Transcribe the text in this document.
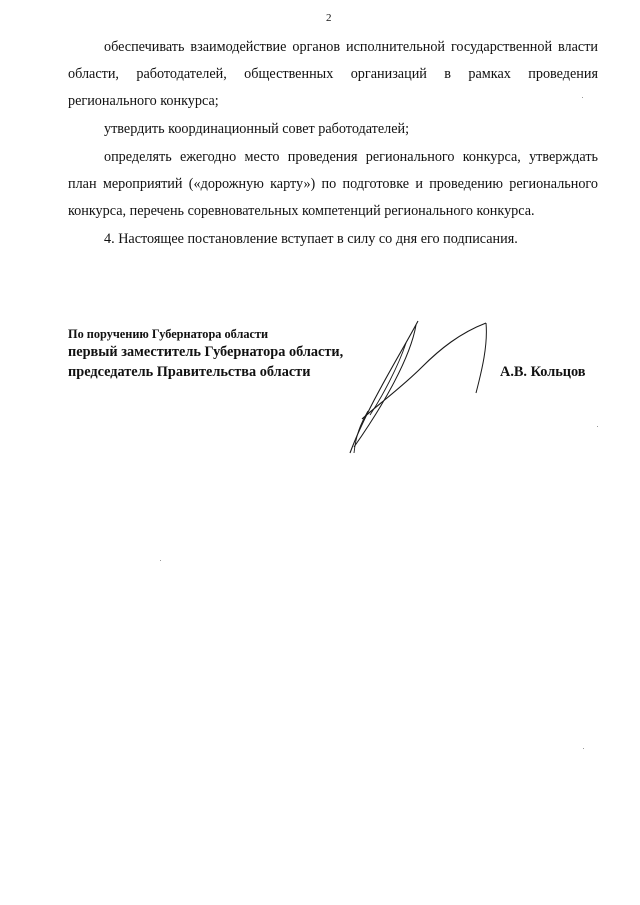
2

обеспечивать взаимодействие органов исполнительной государственной власти области, работодателей, общественных организаций в рамках проведения регионального конкурса;

утвердить координационный совет работодателей;

определять ежегодно место проведения регионального конкурса, утверждать план мероприятий («дорожную карту») по подготовке и проведению регионального конкурса, перечень соревновательных компетенций регионального конкурса.

4. Настоящее постановление вступает в силу со дня его подписания.

По поручению Губернатора области
первый заместитель Губернатора области,
председатель Правительства области	А.В. Кольцов
